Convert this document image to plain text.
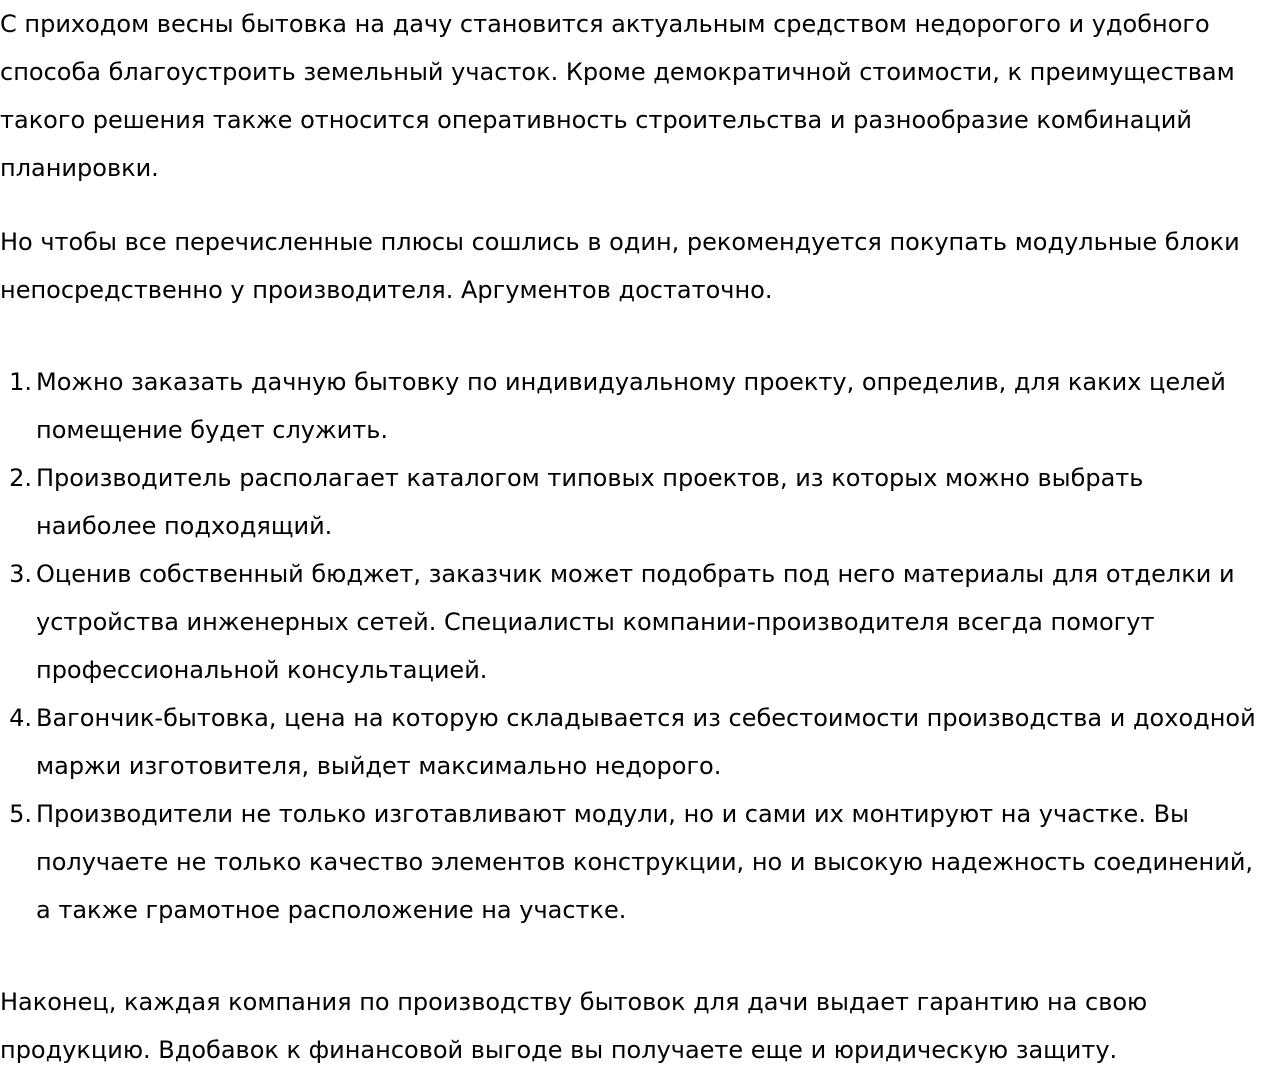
С приходом весны бытовка на дачу становится актуальным средством недорогого и удобного способа благоустроить земельный участок. Кроме демократичной стоимости, к преимуществам такого решения также относится оперативность строительства и разнообразие комбинаций планировки.

Но чтобы все перечисленные плюсы сошлись в один, рекомендуется покупать модульные блоки непосредственно у производителя. Аргументов достаточно.

1. Можно заказать дачную бытовку по индивидуальному проекту, определив, для каких целей помещение будет служить.
2. Производитель располагает каталогом типовых проектов, из которых можно выбрать наиболее подходящий.
3. Оценив собственный бюджет, заказчик может подобрать под него материалы для отделки и устройства инженерных сетей. Специалисты компании-производителя всегда помогут профессиональной консультацией.
4. Вагончик-бытовка, цена на которую складывается из себестоимости производства и доходной маржи изготовителя, выйдет максимально недорого.
5. Производители не только изготавливают модули, но и сами их монтируют на участке. Вы получаете не только качество элементов конструкции, но и высокую надежность соединений, а также грамотное расположение на участке.

Наконец, каждая компания по производству бытовок для дачи выдает гарантию на свою продукцию. Вдобавок к финансовой выгоде вы получаете еще и юридическую защиту.
